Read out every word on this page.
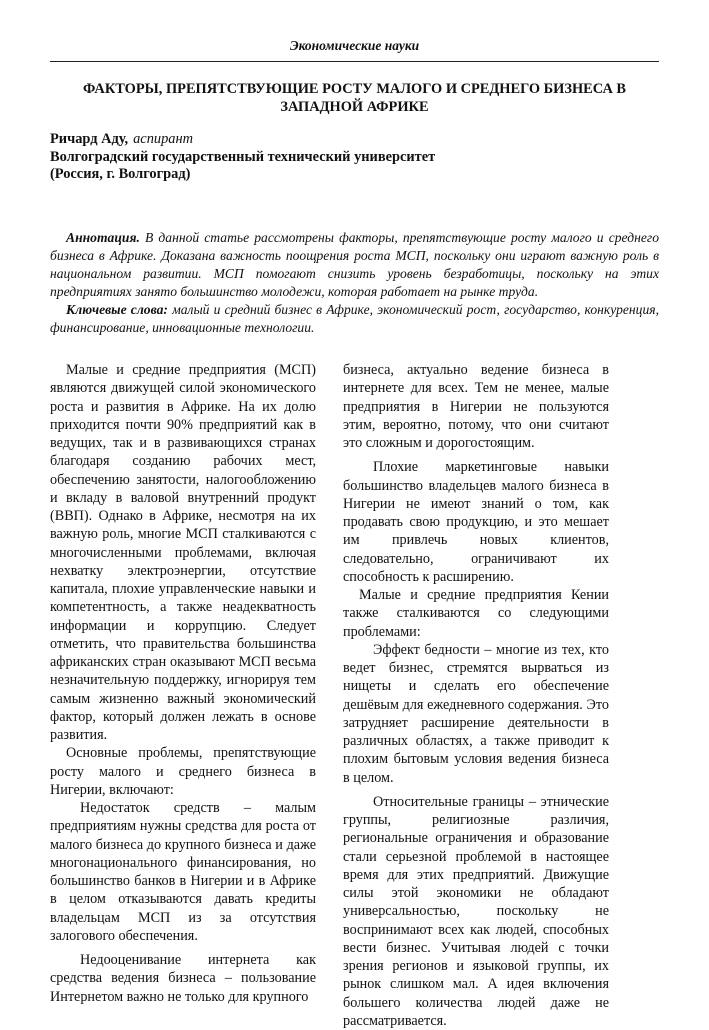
Экономические науки
ФАКТОРЫ, ПРЕПЯТСТВУЮЩИЕ РОСТУ МАЛОГО И СРЕДНЕГО БИЗНЕСА В ЗАПАДНОЙ АФРИКЕ
Ричард Аду, аспирант
Волгоградский государственный технический университет
(Россия, г. Волгоград)

Аннотация. В данной статье рассмотрены факторы, препятствующие росту малого и среднего бизнеса в Африке. Доказана важность поощрения роста МСП, поскольку они играют важную роль в национальном развитии. МСП помогают снизить уровень безработицы, поскольку на этих предприятиях занято большинство молодежи, которая работает на рынке труда.

Ключевые слова: малый и средний бизнес в Африке, экономический рост, государство, конкуренция, финансирование, инновационные технологии.

Малые и средние предприятия (МСП) являются движущей силой экономического роста и развития в Африке. На их долю приходится почти 90% предприятий как в ведущих, так и в развивающихся странах благодаря созданию рабочих мест, обеспечению занятости, налогообложению и вкладу в валовой внутренний продукт (ВВП). Однако в Африке, несмотря на их важную роль, многие МСП сталкиваются с многочисленными проблемами, включая нехватку электроэнергии, отсутствие капитала, плохие управленческие навыки и компетентность, а также неадекватность информации и коррупцию. Следует отметить, что правительства большинства африканских стран оказывают МСП весьма незначительную поддержку, игнорируя тем самым жизненно важный экономический фактор, который должен лежать в основе развития.

Основные проблемы, препятствующие росту малого и среднего бизнеса в Нигерии, включают:

Недостаток средств – малым предприятиям нужны средства для роста от малого бизнеса до крупного бизнеса и даже многонационального финансирования, но большинство банков в Нигерии и в Африке в целом отказываются давать кредиты владельцам МСП из за отсутствия залогового обеспечения.

Недооценивание интернета как средства ведения бизнеса – пользование Интернетом важно не только для крупного

бизнеса, актуально ведение бизнеса в интернете для всех. Тем не менее, малые предприятия в Нигерии не пользуются этим, вероятно, потому, что они считают это сложным и дорогостоящим.

Плохие маркетинговые навыки большинство владельцев малого бизнеса в Нигерии не имеют знаний о том, как продавать свою продукцию, и это мешает им привлечь новых клиентов, следовательно, ограничивают их способность к расширению.

Малые и средние предприятия Кении также сталкиваются со следующими проблемами:

Эффект бедности – многие из тех, кто ведет бизнес, стремятся вырваться из нищеты и сделать его обеспечение дешёвым для ежедневного содержания. Это затрудняет расширение деятельности в различных областях, а также приводит к плохим бытовым условия ведения бизнеса в целом.

Относительные границы – этнические группы, религиозные различия, региональные ограничения и образование стали серьезной проблемой в настоящее время для этих предприятий. Движущие силы этой экономики не обладают универсальностью, поскольку не воспринимают всех как людей, способных вести бизнес. Учитывая людей с точки зрения регионов и языковой группы, их рынок слишком мал. А идея включения большего количества людей даже не рассматривается.
